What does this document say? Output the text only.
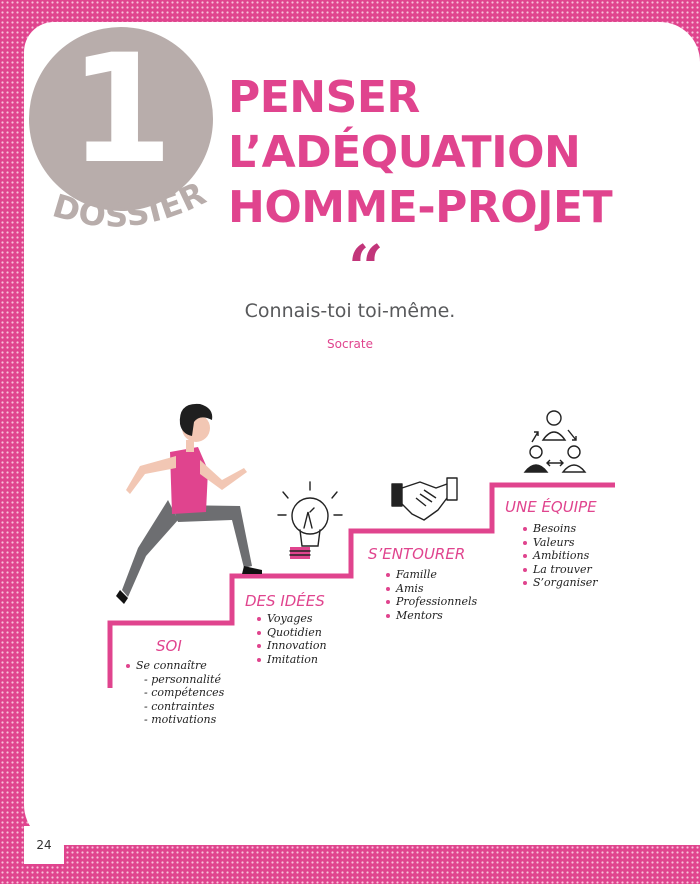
1
DOSSIER
PENSER
L’ADÉQUATION
HOMME-PROJET
“
Connais-toi toi-même.
Socrate
SOI
Se connaître
- personnalité
- compétences
- contraintes
- motivations
DES IDÉES
Voyages
Quotidien
Innovation
Imitation
S’ENTOURER
Famille
Amis
Professionnels
Mentors
UNE ÉQUIPE
Besoins
Valeurs
Ambitions
La trouver
S’organiser
24
